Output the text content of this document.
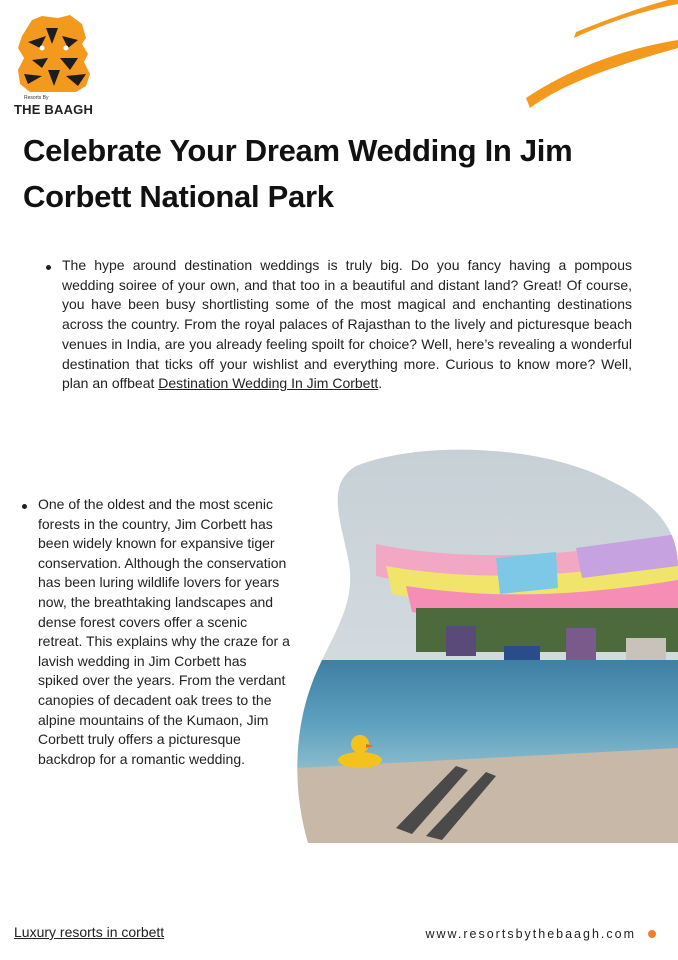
Resorts By
THE BAAGH
Celebrate Your Dream Wedding In Jim Corbett National Park
The hype around destination weddings is truly big. Do you fancy having a pompous wedding soiree of your own, and that too in a beautiful and distant land? Great! Of course, you have been busy shortlisting some of the most magical and enchanting destinations across the country. From the royal palaces of Rajasthan to the lively and picturesque beach venues in India, are you already feeling spoilt for choice? Well, here’s revealing a wonderful destination that ticks off your wishlist and everything more. Curious to know more? Well, plan an offbeat Destination Wedding In Jim Corbett.
One of the oldest and the most scenic forests in the country, Jim Corbett has been widely known for expansive tiger conservation. Although the conservation has been luring wildlife lovers for years now, the breathtaking landscapes and dense forest covers offer a scenic retreat. This explains why the craze for a lavish wedding in Jim Corbett has spiked over the years. From the verdant canopies of decadent oak trees to the alpine mountains of the Kumaon, Jim Corbett truly offers a picturesque backdrop for a romantic wedding.
Luxury resorts in corbett	www.resortsbythebaagh.com
